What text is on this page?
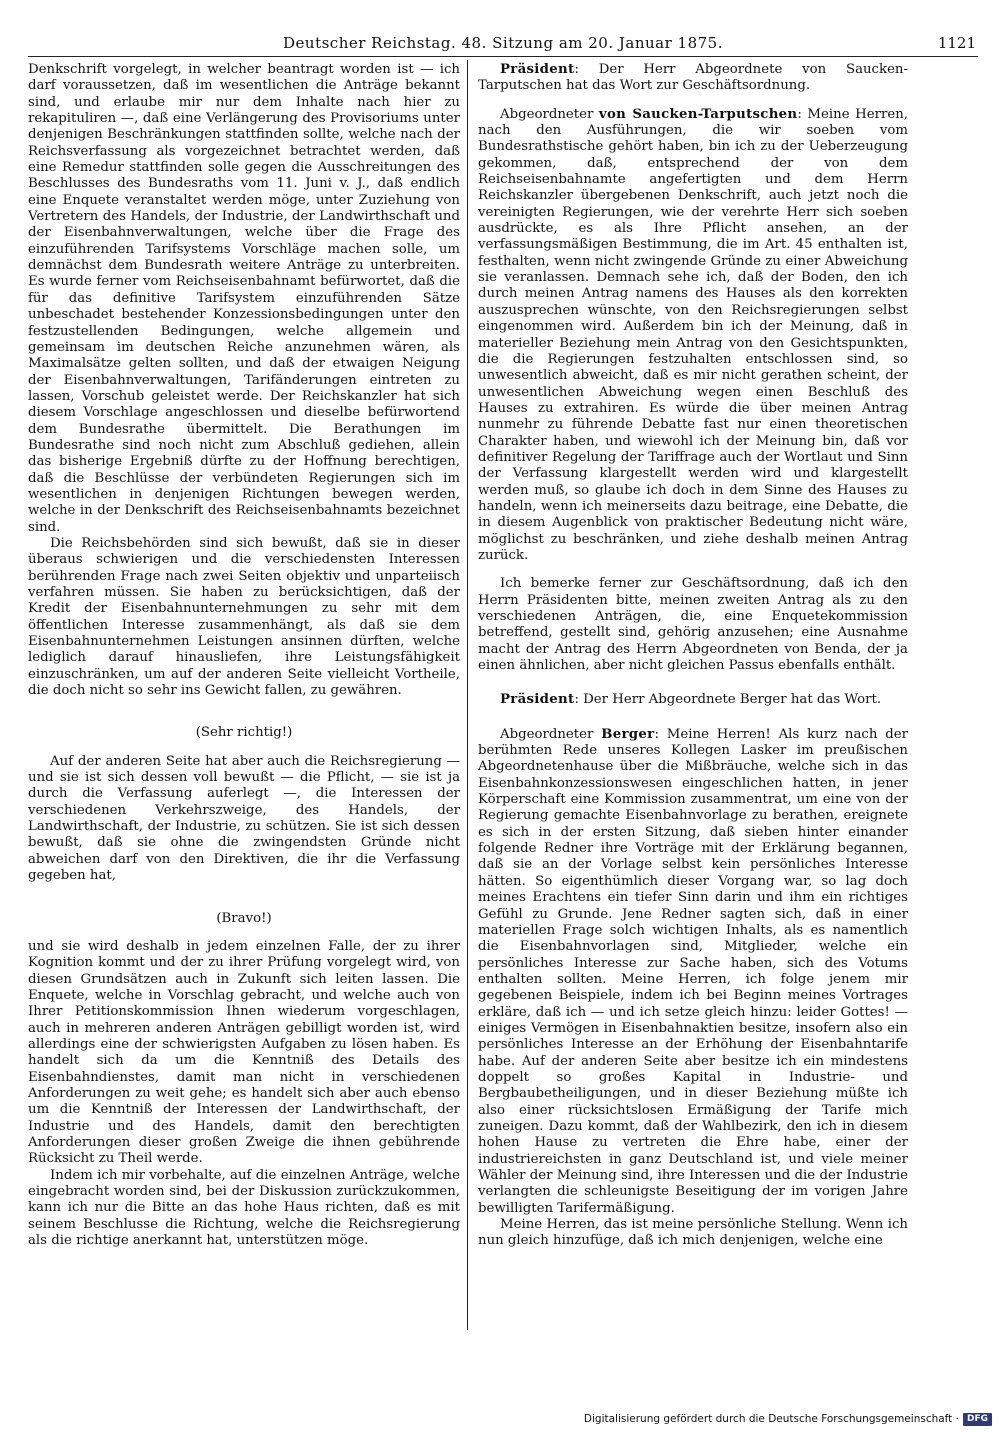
Deutscher Reichstag. 48. Sitzung am 20. Januar 1875.	1121

Denkschrift vorgelegt, in welcher beantragt worden ist — ich darf voraussetzen, daß im wesentlichen die Anträge bekannt sind, und erlaube mir nur dem Inhalte nach hier zu rekapituliren —, daß eine Verlängerung des Provisoriums unter denjenigen Beschränkungen stattfinden sollte, welche nach der Reichsverfassung als vorgezeichnet betrachtet werden, daß eine Remedur stattfinden solle gegen die Ausschreitungen des Beschlusses des Bundesraths vom 11. Juni v. J., daß endlich eine Enquete veranstaltet werden möge, unter Zuziehung von Vertretern des Handels, der Industrie, der Landwirthschaft und der Eisenbahnverwaltungen, welche über die Frage des einzuführenden Tarifsystems Vorschläge machen solle, um demnächst dem Bundesrath weitere Anträge zu unterbreiten. Es wurde ferner vom Reichseisenbahnamt befürwortet, daß die für das definitive Tarifsystem einzuführenden Sätze unbeschadet bestehender Konzessionsbedingungen unter den festzustellenden Bedingungen, welche allgemein und gemeinsam im deutschen Reiche anzunehmen wären, als Maximalsätze gelten sollten, und daß der etwaigen Neigung der Eisenbahnverwaltungen, Tarifänderungen eintreten zu lassen, Vorschub geleistet werde. Der Reichskanzler hat sich diesem Vorschlage angeschlossen und dieselbe befürwortend dem Bundesrathe übermittelt. Die Berathungen im Bundesrathe sind noch nicht zum Abschluß gediehen, allein das bisherige Ergebniß dürfte zu der Hoffnung berechtigen, daß die Beschlüsse der verbündeten Regierungen sich im wesentlichen in denjenigen Richtungen bewegen werden, welche in der Denkschrift des Reichseisenbahnamts bezeichnet sind.

Die Reichsbehörden sind sich bewußt, daß sie in dieser überaus schwierigen und die verschiedensten Interessen berührenden Frage nach zwei Seiten objektiv und unparteiisch verfahren müssen. Sie haben zu berücksichtigen, daß der Kredit der Eisenbahnunternehmungen zu sehr mit dem öffentlichen Interesse zusammenhängt, als daß sie dem Eisenbahnunternehmen Leistungen ansinnen dürften, welche lediglich darauf hinausliefen, ihre Leistungsfähigkeit einzuschränken, um auf der anderen Seite vielleicht Vortheile, die doch nicht so sehr ins Gewicht fallen, zu gewähren.

(Sehr richtig!)

Auf der anderen Seite hat aber auch die Reichsregierung — und sie ist sich dessen voll bewußt — die Pflicht, — sie ist ja durch die Verfassung auferlegt —, die Interessen der verschiedenen Verkehrszweige, des Handels, der Landwirthschaft, der Industrie, zu schützen. Sie ist sich dessen bewußt, daß sie ohne die zwingendsten Gründe nicht abweichen darf von den Direktiven, die ihr die Verfassung gegeben hat,

(Bravo!)

und sie wird deshalb in jedem einzelnen Falle, der zu ihrer Kognition kommt und der zu ihrer Prüfung vorgelegt wird, von diesen Grundsätzen auch in Zukunft sich leiten lassen. Die Enquete, welche in Vorschlag gebracht, und welche auch von Ihrer Petitionskommission Ihnen wiederum vorgeschlagen, auch in mehreren anderen Anträgen gebilligt worden ist, wird allerdings eine der schwierigsten Aufgaben zu lösen haben. Es handelt sich da um die Kenntniß des Details des Eisenbahndienstes, damit man nicht in verschiedenen Anforderungen zu weit gehe; es handelt sich aber auch ebenso um die Kenntniß der Interessen der Landwirthschaft, der Industrie und des Handels, damit den berechtigten Anforderungen dieser großen Zweige die ihnen gebührende Rücksicht zu Theil werde.

Indem ich mir vorbehalte, auf die einzelnen Anträge, welche eingebracht worden sind, bei der Diskussion zurückzukommen, kann ich nur die Bitte an das hohe Haus richten, daß es mit seinem Beschlusse die Richtung, welche die Reichsregierung als die richtige anerkannt hat, unterstützen möge.

Präsident: Der Herr Abgeordnete von Saucken-Tarputschen hat das Wort zur Geschäftsordnung.

Abgeordneter von Saucken-Tarputschen: Meine Herren, nach den Ausführungen, die wir soeben vom Bundesrathstische gehört haben, bin ich zu der Ueberzeugung gekommen, daß, entsprechend der von dem Reichseisenbahnamte angefertigten und dem Herrn Reichskanzler übergebenen Denkschrift, auch jetzt noch die vereinigten Regierungen, wie der verehrte Herr sich soeben ausdrückte, es als Ihre Pflicht ansehen, an der verfassungsmäßigen Bestimmung, die im Art. 45 enthalten ist, festhalten, wenn nicht zwingende Gründe zu einer Abweichung sie veranlassen. Demnach sehe ich, daß der Boden, den ich durch meinen Antrag namens des Hauses als den korrekten auszusprechen wünschte, von den Reichsregierungen selbst eingenommen wird. Außerdem bin ich der Meinung, daß in materieller Beziehung mein Antrag von den Gesichtspunkten, die die Regierungen festzuhalten entschlossen sind, so unwesentlich abweicht, daß es mir nicht gerathen scheint, der unwesentlichen Abweichung wegen einen Beschluß des Hauses zu extrahiren. Es würde die über meinen Antrag nunmehr zu führende Debatte fast nur einen theoretischen Charakter haben, und wiewohl ich der Meinung bin, daß vor definitiver Regelung der Tariffrage auch der Wortlaut und Sinn der Verfassung klargestellt werden wird und klargestellt werden muß, so glaube ich doch in dem Sinne des Hauses zu handeln, wenn ich meinerseits dazu beitrage, eine Debatte, die in diesem Augenblick von praktischer Bedeutung nicht wäre, möglichst zu beschränken, und ziehe deshalb meinen Antrag zurück.

Ich bemerke ferner zur Geschäftsordnung, daß ich den Herrn Präsidenten bitte, meinen zweiten Antrag als zu den verschiedenen Anträgen, die, eine Enquetekommission betreffend, gestellt sind, gehörig anzusehen; eine Ausnahme macht der Antrag des Herrn Abgeordneten von Benda, der ja einen ähnlichen, aber nicht gleichen Passus ebenfalls enthält.

Präsident: Der Herr Abgeordnete Berger hat das Wort.

Abgeordneter Berger: Meine Herren! Als kurz nach der berühmten Rede unseres Kollegen Lasker im preußischen Abgeordnetenhause über die Mißbräuche, welche sich in das Eisenbahnkonzessionswesen eingeschlichen hatten, in jener Körperschaft eine Kommission zusammentrat, um eine von der Regierung gemachte Eisenbahnvorlage zu berathen, ereignete es sich in der ersten Sitzung, daß sieben hinter einander folgende Redner ihre Vorträge mit der Erklärung begannen, daß sie an der Vorlage selbst kein persönliches Interesse hätten. So eigenthümlich dieser Vorgang war, so lag doch meines Erachtens ein tiefer Sinn darin und ihm ein richtiges Gefühl zu Grunde. Jene Redner sagten sich, daß in einer materiellen Frage solch wichtigen Inhalts, als es namentlich die Eisenbahnvorlagen sind, Mitglieder, welche ein persönliches Interesse zur Sache haben, sich des Votums enthalten sollten. Meine Herren, ich folge jenem mir gegebenen Beispiele, indem ich bei Beginn meines Vortrages erkläre, daß ich — und ich setze gleich hinzu: leider Gottes! — einiges Vermögen in Eisenbahnaktien besitze, insofern also ein persönliches Interesse an der Erhöhung der Eisenbahntarife habe. Auf der anderen Seite aber besitze ich ein mindestens doppelt so großes Kapital in Industrie- und Bergbaubetheiligungen, und in dieser Beziehung müßte ich also einer rücksichtslosen Ermäßigung der Tarife mich zuneigen. Dazu kommt, daß der Wahlbezirk, den ich in diesem hohen Hause zu vertreten die Ehre habe, einer der industriereichsten in ganz Deutschland ist, und viele meiner Wähler der Meinung sind, ihre Interessen und die der Industrie verlangten die schleunigste Beseitigung der im vorigen Jahre bewilligten Tarifermäßigung.

Meine Herren, das ist meine persönliche Stellung. Wenn ich nun gleich hinzufüge, daß ich mich denjenigen, welche eine

Digitalisierung gefördert durch die Deutsche Forschungsgemeinschaft · DFG
